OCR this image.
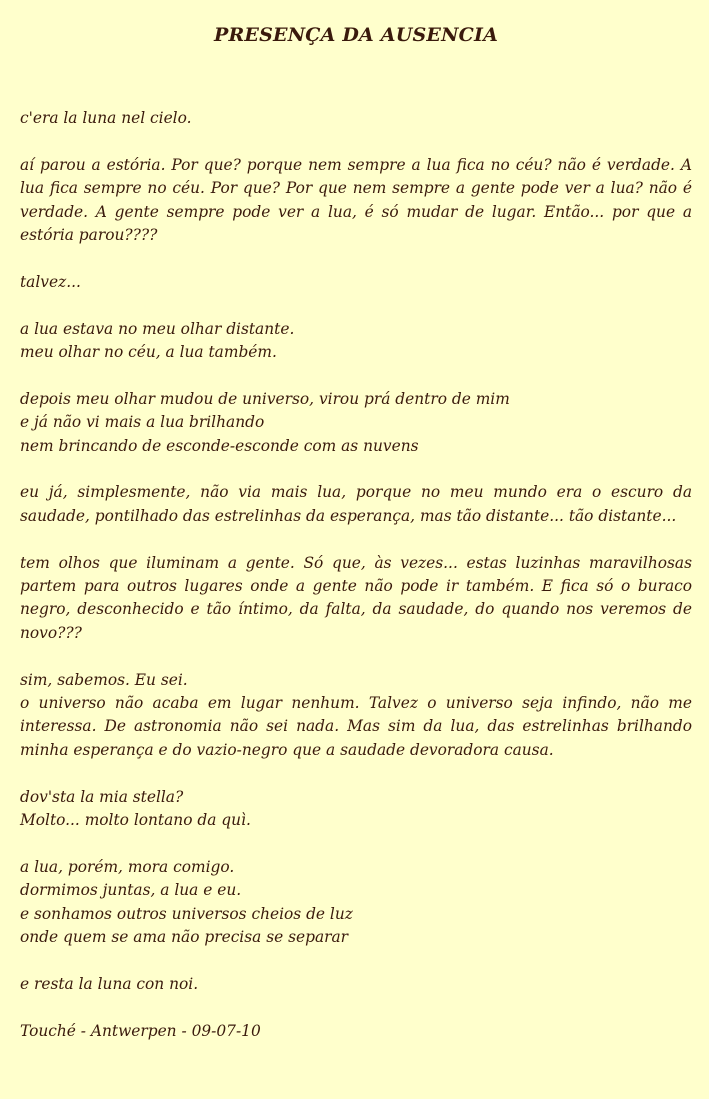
PRESENÇA DA AUSENCIA

c'era la luna nel cielo.

aí parou a estória. Por que? porque nem sempre a lua fica no céu? não é verdade. A lua fica sempre no céu. Por que? Por que nem sempre a gente pode ver a lua? não é verdade. A gente sempre pode ver a lua, é só mudar de lugar. Então... por que a estória parou????

talvez...

a lua estava no meu olhar distante.
meu olhar no céu, a lua também.

depois meu olhar mudou de universo, virou prá dentro de mim
e já não vi mais a lua brilhando
nem brincando de esconde-esconde com as nuvens

eu já, simplesmente, não via mais lua, porque no meu mundo era o escuro da saudade, pontilhado das estrelinhas da esperança, mas tão distante... tão distante...

tem olhos que iluminam a gente. Só que, às vezes... estas luzinhas maravilhosas partem para outros lugares onde a gente não pode ir também. E fica só o buraco negro, desconhecido e tão íntimo, da falta, da saudade, do quando nos veremos de novo???

sim, sabemos. Eu sei.
o universo não acaba em lugar nenhum. Talvez o universo seja infindo, não me interessa. De astronomia não sei nada. Mas sim da lua, das estrelinhas brilhando minha esperança e do vazio-negro que a saudade devoradora causa.

dov'sta la mia stella?
Molto... molto lontano da quì.

a lua, porém, mora comigo.
dormimos juntas, a lua e eu.
e sonhamos outros universos cheios de luz
onde quem se ama não precisa se separar

e resta la luna con noi.

Touché - Antwerpen - 09-07-10
